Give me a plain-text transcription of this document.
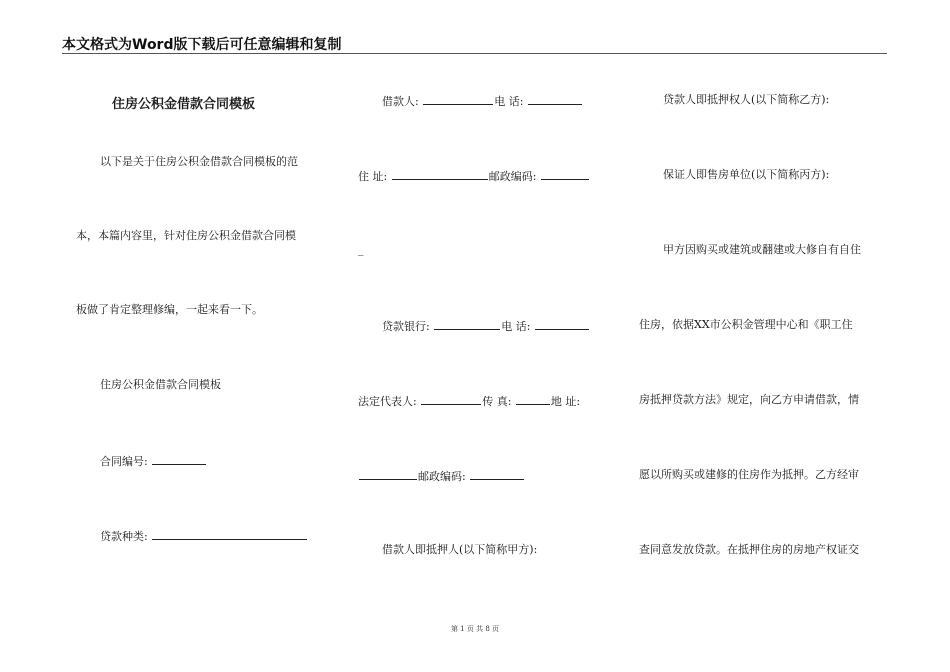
本文格式为Word版下载后可任意编辑和复制
住房公积金借款合同模板
以下是关于住房公积金借款合同模板的范
本，本篇内容里，针对住房公积金借款合同模
板做了肯定整理修编，一起来看一下。
住房公积金借款合同模板
合同编号:
贷款种类:
借款人:	电 话:
住 址:	邮政编码:
_
贷款银行:	电 话:
法定代表人:	传 真:	地 址:
邮政编码:
借款人即抵押人(以下简称甲方):
贷款人即抵押权人(以下简称乙方):
保证人即售房单位(以下简称丙方):
甲方因购买或建筑或翻建或大修自有自住
住房，依据XX市公积金管理中心和《职工住
房抵押贷款方法》规定，向乙方申请借款，情
愿以所购买或建修的住房作为抵押。乙方经审
查同意发放贷款。在抵押住房的房地产权证交
第 1 页 共 8 页
